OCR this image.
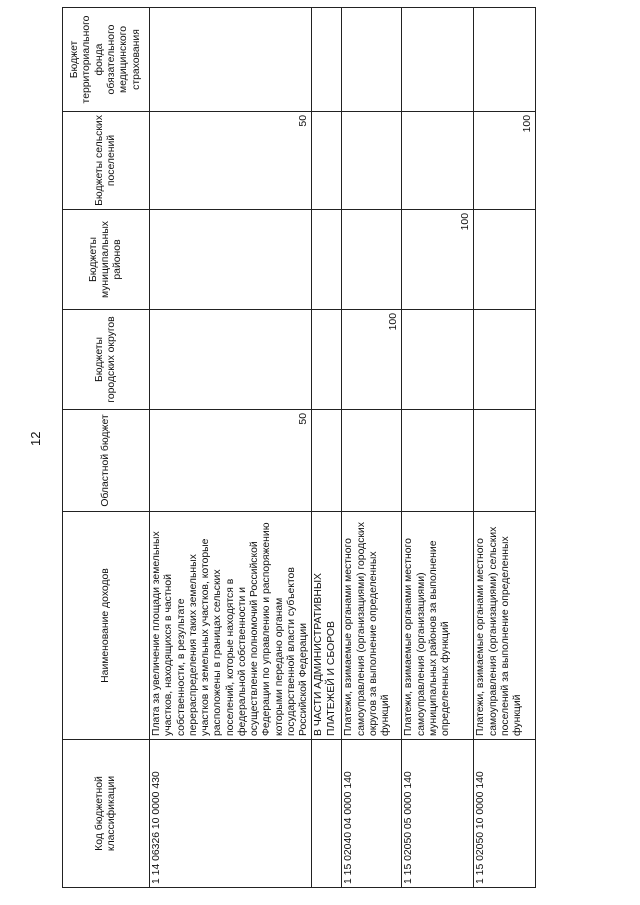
12
Код бюджетной классификации	Наименование доходов	Областной бюджет	Бюджеты городских округов	Бюджеты муниципальных районов	Бюджеты сельских поселений	Бюджет территориального фонда обязательного медицинского страхования
1 14 06326 10 0000 430	Плата за увеличение площади земельных участков, находящихся в частной собственности, в результате перераспределения таких земельных участков и земельных участков, которые расположены в границах сельских поселений, которые находятся в федеральной собственности и осуществление полномочий Российской Федерации по управлению и распоряжению которыми передано органам государственной власти субъектов Российской Федерации	50			50	
	В ЧАСТИ АДМИНИСТРАТИВНЫХ ПЛАТЕЖЕЙ И СБОРОВ					
1 15 02040 04 0000 140	Платежи, взимаемые органами местного самоуправления (организациями) городских округов за выполнение определенных функций		100			
1 15 02050 05 0000 140	Платежи, взимаемые органами местного самоуправления (организациями) муниципальных районов за выполнение определенных функций			100		
1 15 02050 10 0000 140	Платежи, взимаемые органами местного самоуправления (организациями) сельских поселений за выполнение определенных функций				100	
